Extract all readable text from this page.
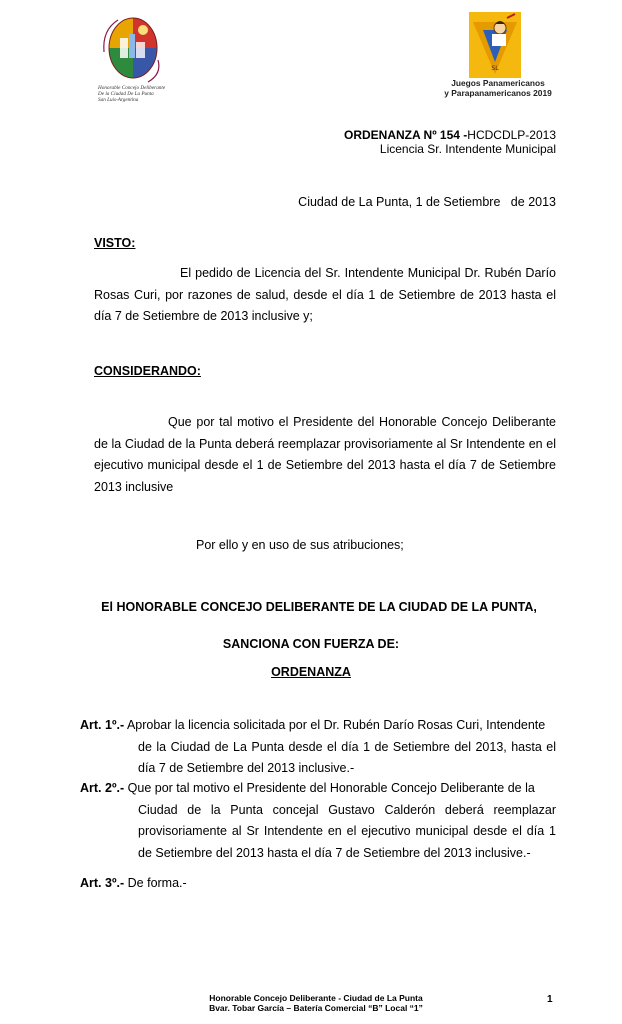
Honorable Concejo Deliberante
De la Ciudad De La Punta
San Luis-Argentina
SL
Juegos Panamericanos
y Parapanamericanos 2019
ORDENANZA Nº 154 -HCDCDLP-2013
Licencia Sr. Intendente Municipal
Ciudad de La Punta, 1 de Setiembre   de 2013
VISTO:
El pedido de Licencia del Sr. Intendente Municipal Dr. Rubén Darío Rosas Curi, por razones de salud, desde el día 1 de Setiembre de 2013 hasta el día 7 de Setiembre de 2013 inclusive y;
CONSIDERANDO:
Que por tal motivo el Presidente del Honorable Concejo Deliberante de la Ciudad de la Punta deberá reemplazar provisoriamente al Sr Intendente en el ejecutivo municipal desde el 1 de Setiembre del 2013 hasta el día 7 de Setiembre 2013 inclusive
Por ello y en uso de sus atribuciones;
El HONORABLE CONCEJO DELIBERANTE DE LA CIUDAD DE LA PUNTA,
SANCIONA CON FUERZA DE:
ORDENANZA
Art. 1º.- Aprobar la licencia solicitada por el Dr. Rubén Darío Rosas Curi, Intendente
de la Ciudad de La Punta desde el día 1 de Setiembre del 2013, hasta el día 7 de Setiembre del 2013 inclusive.-
Art. 2º.- Que por tal motivo el Presidente del Honorable Concejo Deliberante de la
Ciudad de la Punta concejal Gustavo Calderón deberá reemplazar provisoriamente al Sr Intendente en el ejecutivo municipal desde el día 1 de Setiembre del 2013 hasta el día 7 de Setiembre del 2013 inclusive.-
Art. 3º.- De forma.-
Honorable Concejo Deliberante - Ciudad de La Punta
Bvar. Tobar García – Batería Comercial “B” Local “1”
1
